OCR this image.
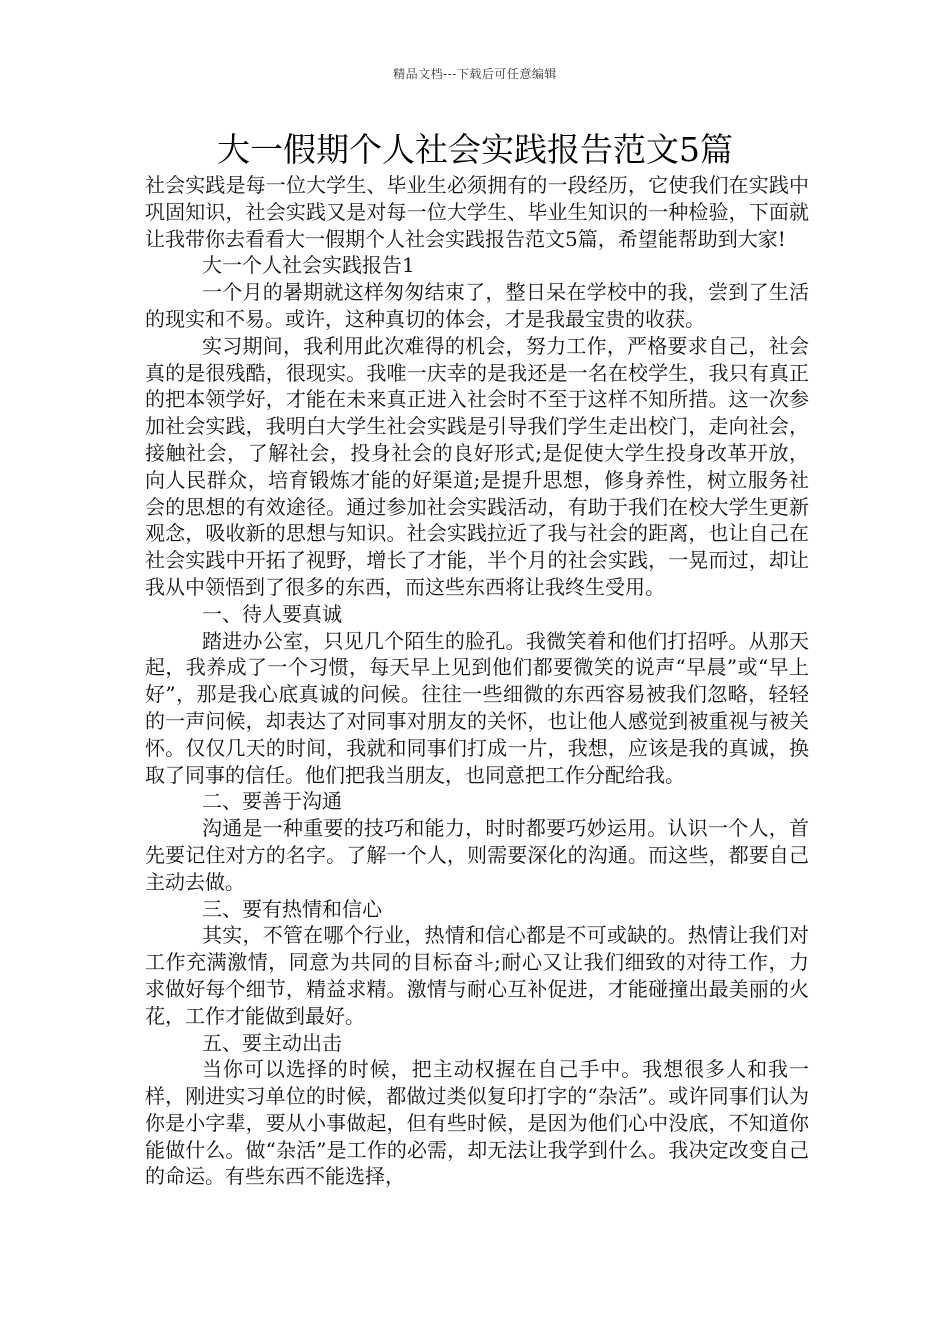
精品文档---下载后可任意编辑
大一假期个人社会实践报告范文5篇

社会实践是每一位大学生、毕业生必须拥有的一段经历，它使我们在实践中巩固知识，社会实践又是对每一位大学生、毕业生知识的一种检验，下面就让我带你去看看大一假期个人社会实践报告范文5篇，希望能帮助到大家!

大一个人社会实践报告1

一个月的暑期就这样匆匆结束了，整日呆在学校中的我，尝到了生活的现实和不易。或许，这种真切的体会，才是我最宝贵的收获。

实习期间，我利用此次难得的机会，努力工作，严格要求自己，社会真的是很残酷，很现实。我唯一庆幸的是我还是一名在校学生，我只有真正的把本领学好，才能在未来真正进入社会时不至于这样不知所措。这一次参加社会实践，我明白大学生社会实践是引导我们学生走出校门，走向社会，接触社会，了解社会，投身社会的良好形式;是促使大学生投身改革开放，向人民群众，培育锻炼才能的好渠道;是提升思想，修身养性，树立服务社会的思想的有效途径。通过参加社会实践活动，有助于我们在校大学生更新观念，吸收新的思想与知识。社会实践拉近了我与社会的距离，也让自己在社会实践中开拓了视野，增长了才能，半个月的社会实践，一晃而过，却让我从中领悟到了很多的东西，而这些东西将让我终生受用。

一、待人要真诚

踏进办公室，只见几个陌生的脸孔。我微笑着和他们打招呼。从那天起，我养成了一个习惯，每天早上见到他们都要微笑的说声“早晨”或“早上好”，那是我心底真诚的问候。往往一些细微的东西容易被我们忽略，轻轻的一声问候，却表达了对同事对朋友的关怀，也让他人感觉到被重视与被关怀。仅仅几天的时间，我就和同事们打成一片，我想，应该是我的真诚，换取了同事的信任。他们把我当朋友，也同意把工作分配给我。

二、要善于沟通

沟通是一种重要的技巧和能力，时时都要巧妙运用。认识一个人，首先要记住对方的名字。了解一个人，则需要深化的沟通。而这些，都要自己主动去做。

三、要有热情和信心

其实，不管在哪个行业，热情和信心都是不可或缺的。热情让我们对工作充满激情，同意为共同的目标奋斗;耐心又让我们细致的对待工作，力求做好每个细节，精益求精。激情与耐心互补促进，才能碰撞出最美丽的火花，工作才能做到最好。

五、要主动出击

当你可以选择的时候，把主动权握在自己手中。我想很多人和我一样，刚进实习单位的时候，都做过类似复印打字的“杂活”。或许同事们认为你是小字辈，要从小事做起，但有些时候，是因为他们心中没底，不知道你能做什么。做“杂活”是工作的必需，却无法让我学到什么。我决定改变自己的命运。有些东西不能选择，
